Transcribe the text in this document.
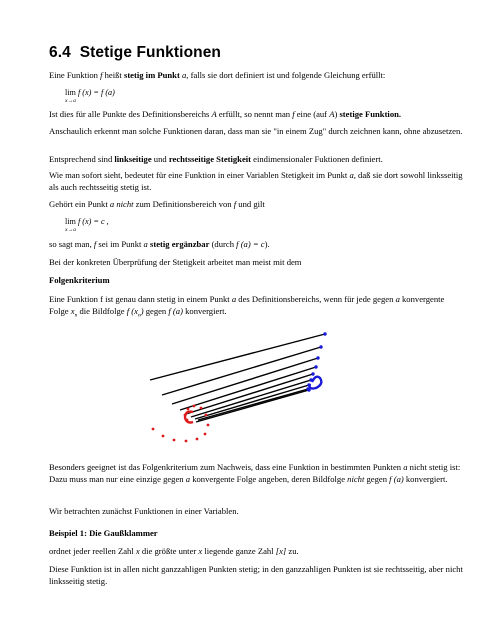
6.4 Stetige Funktionen

Eine Funktion f heißt stetig im Punkt a, falls sie dort definiert ist und folgende Gleichung erfüllt:

lim
x→a
f (x) = f (a)

Ist dies für alle Punkte des Definitionsbereichs A erfüllt, so nennt man f eine (auf A) stetige Funktion.

Anschaulich erkennt man solche Funktionen daran, dass man sie "in einem Zug" durch zeichnen kann, ohne abzusetzen.

Entsprechend sind linkseitige und rechtsseitige Stetigkeit eindimensionaler Fuktionen definiert.

Wie man sofort sieht, bedeutet für eine Funktion in einer Variablen Stetigkeit im Punkt a, daß sie dort sowohl linksseitig als auch rechtsseitig stetig ist.

Gehört ein Punkt a nicht zum Definitionsbereich von f und gilt

lim
x→a
f (x) = c ,

so sagt man, f sei im Punkt a stetig ergänzbar (durch f (a) = c).

Bei der konkreten Überprüfung der Stetigkeit arbeitet man meist mit dem

Folgenkriterium

Eine Funktion f ist genau dann stetig in einem Punkt a des Definitionsbereichs, wenn für jede gegen a konvergente Folge $x_n$ die Bildfolge f $(x_n)$ gegen f (a) konvergiert.

Besonders geeignet ist das Folgenkriterium zum Nachweis, dass eine Funktion in bestimmten Punkten a nicht stetig ist: Dazu muss man nur eine einzige gegen a konvergente Folge angeben, deren Bildfolge nicht gegen f (a) konvergiert.

Wir betrachten zunächst Funktionen in einer Variablen.

Beispiel 1: Die Gaußklammer

ordnet jeder reellen Zahl x die größte unter x liegende ganze Zahl [x] zu.

Diese Funktion ist in allen nicht ganzzahligen Punkten stetig; in den ganzzahligen Punkten ist sie rechtsseitig, aber nicht linksseitig stetig.
